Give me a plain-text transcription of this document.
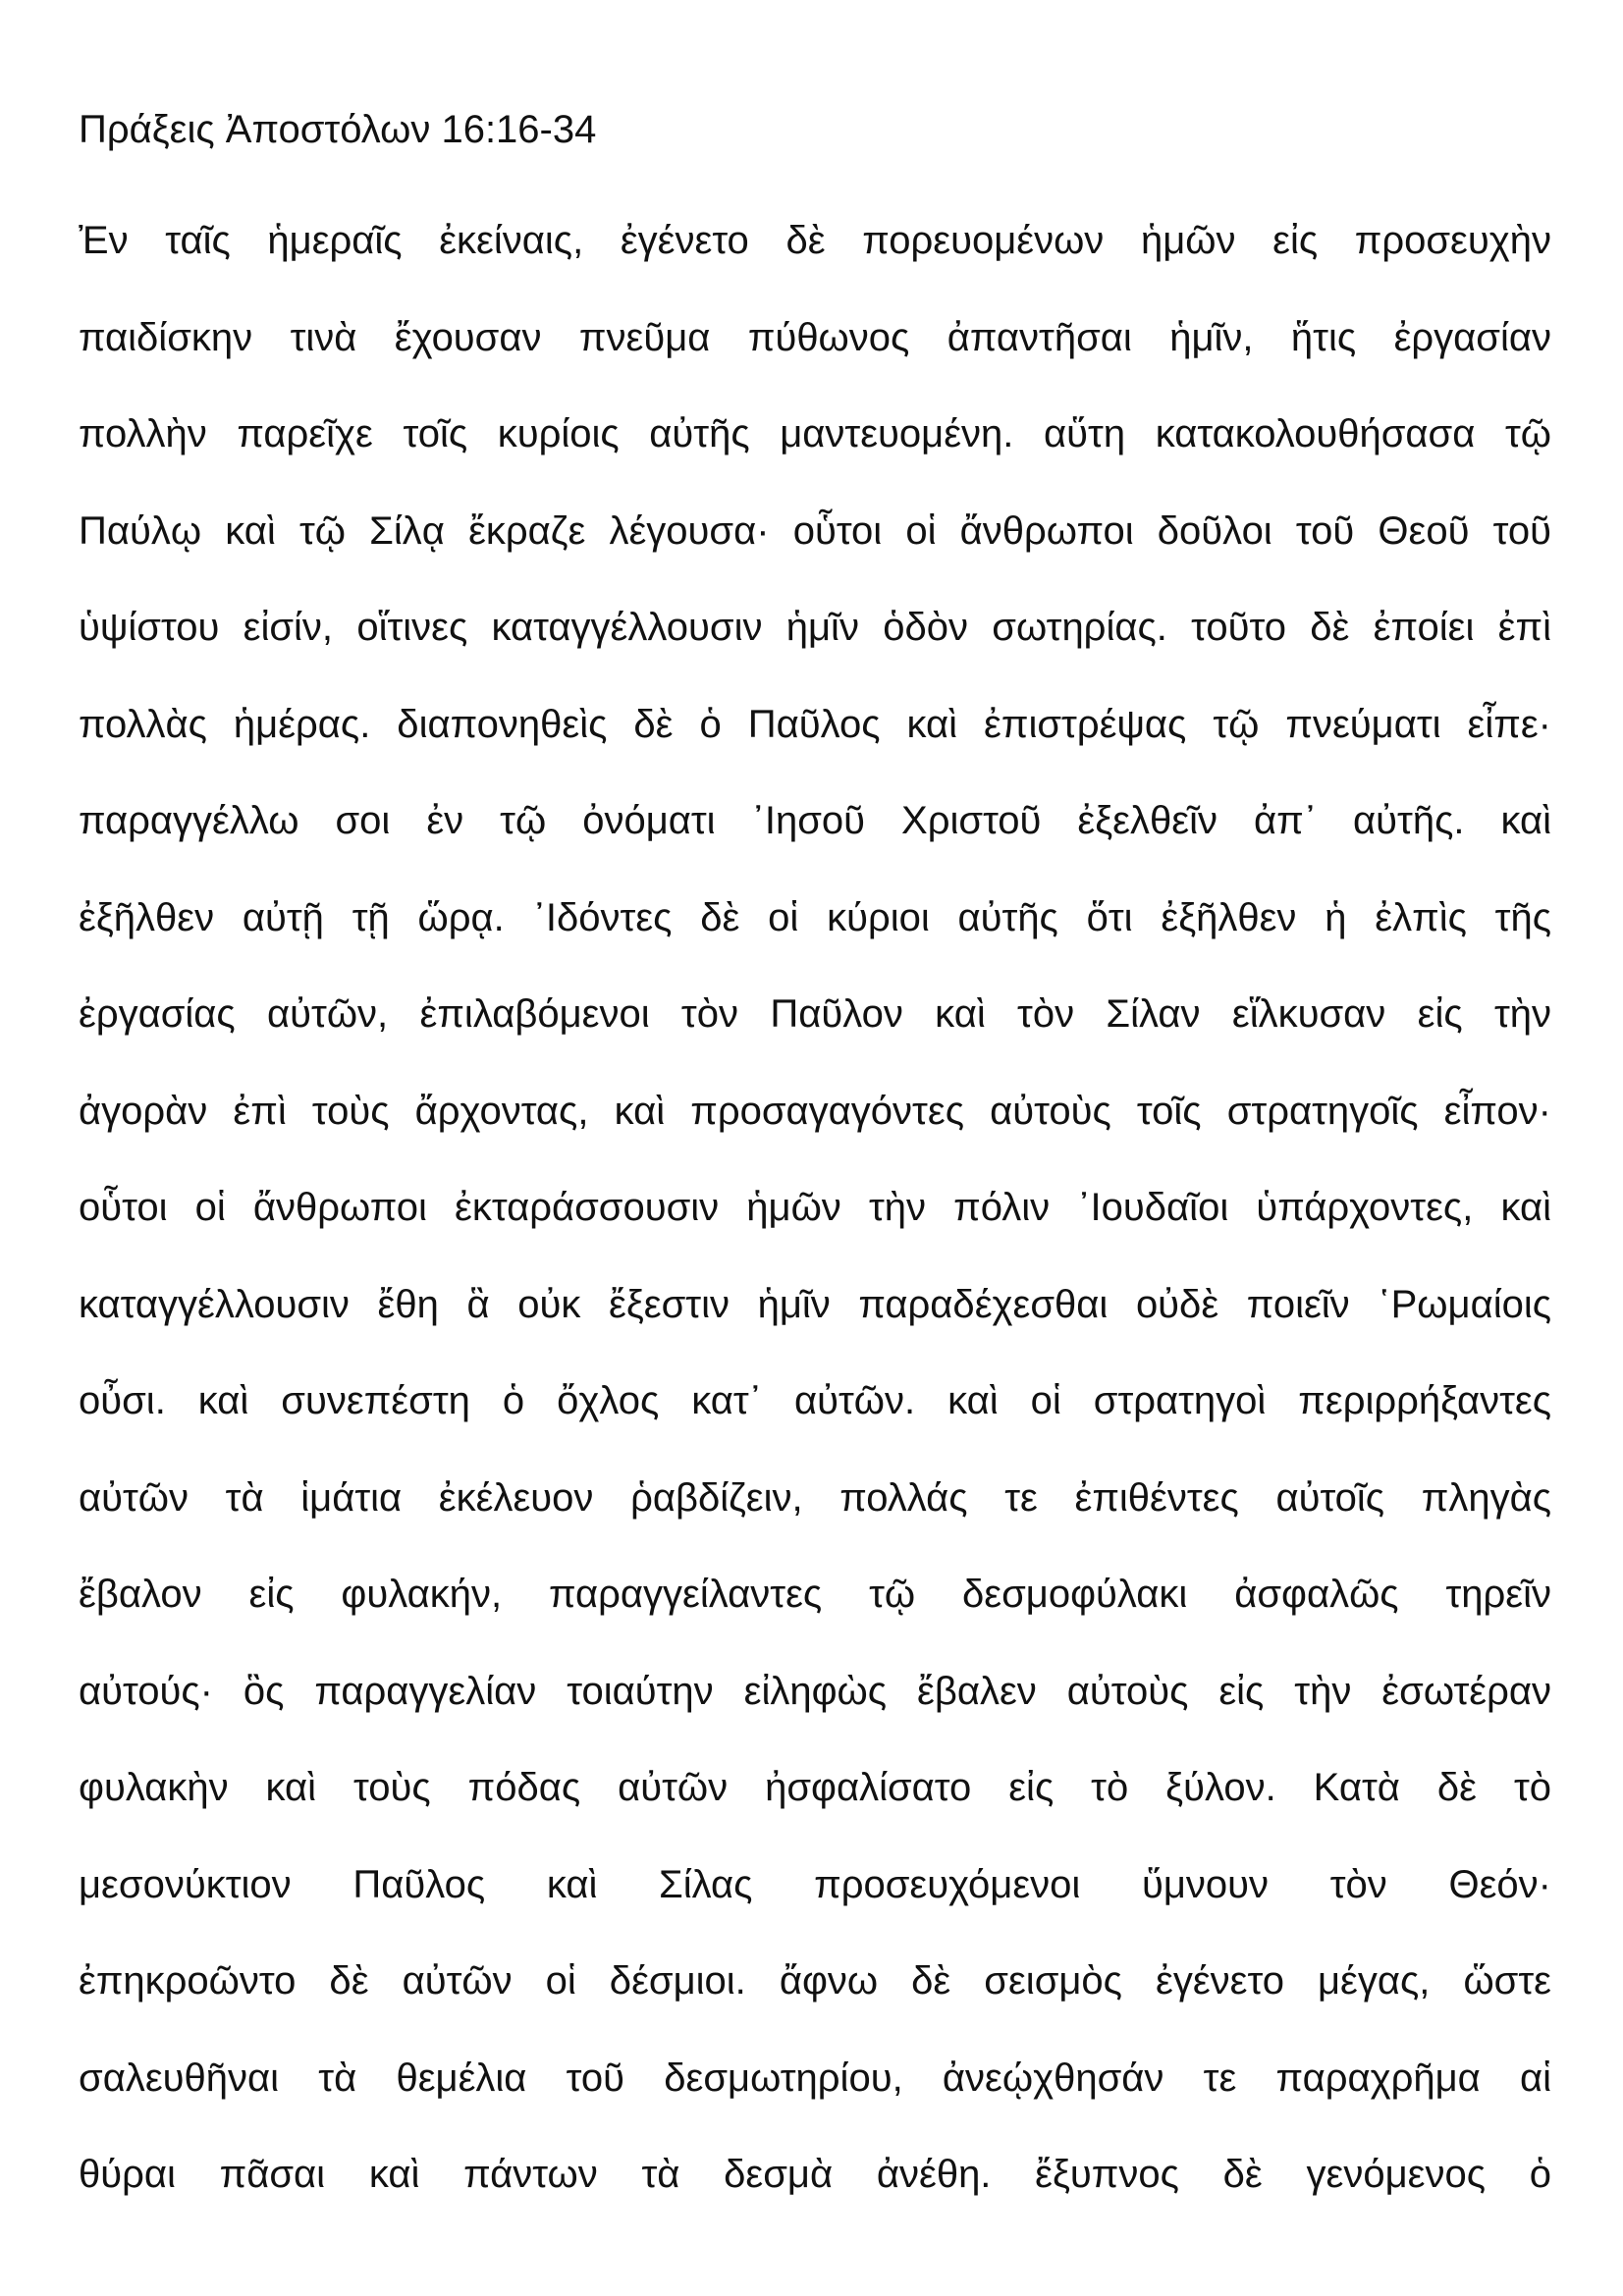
Πράξεις Ἀποστόλων 16:16-34
Ἐν ταῖς ἡμεραῖς ἐκείναις, ἐγένετο δὲ πορευομένων ἡμῶν εἰς προσευχὴν
παιδίσκην τινὰ ἔχουσαν πνεῦμα πύθωνος ἀπαντῆσαι ἡμῖν, ἥτις ἐργασίαν
πολλὴν παρεῖχε τοῖς κυρίοις αὐτῆς μαντευομένη. αὕτη κατακολουθήσασα τῷ
Παύλῳ καὶ τῷ Σίλᾳ ἔκραζε λέγουσα· οὗτοι οἱ ἄνθρωποι δοῦλοι τοῦ Θεοῦ τοῦ
ὑψίστου εἰσίν, οἵτινες καταγγέλλουσιν ἡμῖν ὁδὸν σωτηρίας. τοῦτο δὲ ἐποίει ἐπὶ
πολλὰς ἡμέρας. διαπονηθεὶς δὲ ὁ Παῦλος καὶ ἐπιστρέψας τῷ πνεύματι εἶπε·
παραγγέλλω σοι ἐν τῷ ὀνόματι ᾿Ιησοῦ Χριστοῦ ἐξελθεῖν ἀπ᾿ αὐτῆς. καὶ
ἐξῆλθεν αὐτῇ τῇ ὥρᾳ. ᾿Ιδόντες δὲ οἱ κύριοι αὐτῆς ὅτι ἐξῆλθεν ἡ ἐλπὶς τῆς
ἐργασίας αὐτῶν, ἐπιλαβόμενοι τὸν Παῦλον καὶ τὸν Σίλαν εἵλκυσαν εἰς τὴν
ἀγορὰν ἐπὶ τοὺς ἄρχοντας, καὶ προσαγαγόντες αὐτοὺς τοῖς στρατηγοῖς εἶπον·
οὗτοι οἱ ἄνθρωποι ἐκταράσσουσιν ἡμῶν τὴν πόλιν ᾿Ιουδαῖοι ὑπάρχοντες, καὶ
καταγγέλλουσιν ἔθη ἃ οὐκ ἔξεστιν ἡμῖν παραδέχεσθαι οὐδὲ ποιεῖν ῾Ρωμαίοις
οὖσι. καὶ συνεπέστη ὁ ὄχλος κατ᾿ αὐτῶν. καὶ οἱ στρατηγοὶ περιρρήξαντες
αὐτῶν τὰ ἱμάτια ἐκέλευον ῥαβδίζειν, πολλάς τε ἐπιθέντες αὐτοῖς πληγὰς
ἔβαλον εἰς φυλακήν, παραγγείλαντες τῷ δεσμοφύλακι ἀσφαλῶς τηρεῖν
αὐτούς· ὃς παραγγελίαν τοιαύτην εἰληφὼς ἔβαλεν αὐτοὺς εἰς τὴν ἐσωτέραν
φυλακὴν καὶ τοὺς πόδας αὐτῶν ἠσφαλίσατο εἰς τὸ ξύλον. Κατὰ δὲ τὸ
μεσονύκτιον Παῦλος καὶ Σίλας προσευχόμενοι ὕμνουν τὸν Θεόν·
ἐπηκροῶντο δὲ αὐτῶν οἱ δέσμιοι. ἄφνω δὲ σεισμὸς ἐγένετο μέγας, ὥστε
σαλευθῆναι τὰ θεμέλια τοῦ δεσμωτηρίου, ἀνεῴχθησάν τε παραχρῆμα αἱ
θύραι πᾶσαι καὶ πάντων τὰ δεσμὰ ἀνέθη. ἔξυπνος δὲ γενόμενος ὁ
